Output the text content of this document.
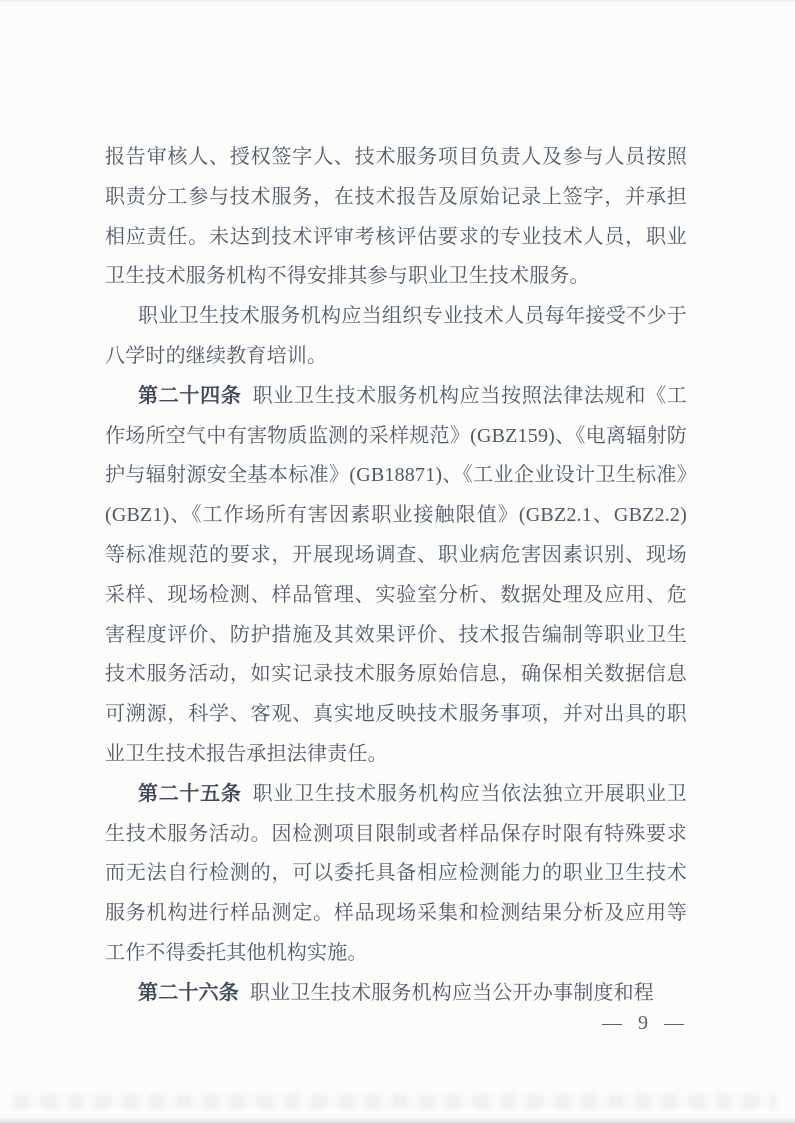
报告审核人、授权签字人、技术服务项目负责人及参与人员按照职责分工参与技术服务，在技术报告及原始记录上签字，并承担相应责任。未达到技术评审考核评估要求的专业技术人员，职业卫生技术服务机构不得安排其参与职业卫生技术服务。

职业卫生技术服务机构应当组织专业技术人员每年接受不少于八学时的继续教育培训。

第二十四条 职业卫生技术服务机构应当按照法律法规和《工作场所空气中有害物质监测的采样规范》(GBZ159)、《电离辐射防护与辐射源安全基本标准》(GB18871)、《工业企业设计卫生标准》(GBZ1)、《工作场所有害因素职业接触限值》(GBZ2.1、GBZ2.2)等标准规范的要求，开展现场调查、职业病危害因素识别、现场采样、现场检测、样品管理、实验室分析、数据处理及应用、危害程度评价、防护措施及其效果评价、技术报告编制等职业卫生技术服务活动，如实记录技术服务原始信息，确保相关数据信息可溯源，科学、客观、真实地反映技术服务事项，并对出具的职业卫生技术报告承担法律责任。

第二十五条 职业卫生技术服务机构应当依法独立开展职业卫生技术服务活动。因检测项目限制或者样品保存时限有特殊要求而无法自行检测的，可以委托具备相应检测能力的职业卫生技术服务机构进行样品测定。样品现场采集和检测结果分析及应用等工作不得委托其他机构实施。

第二十六条 职业卫生技术服务机构应当公开办事制度和程

— 9 —
